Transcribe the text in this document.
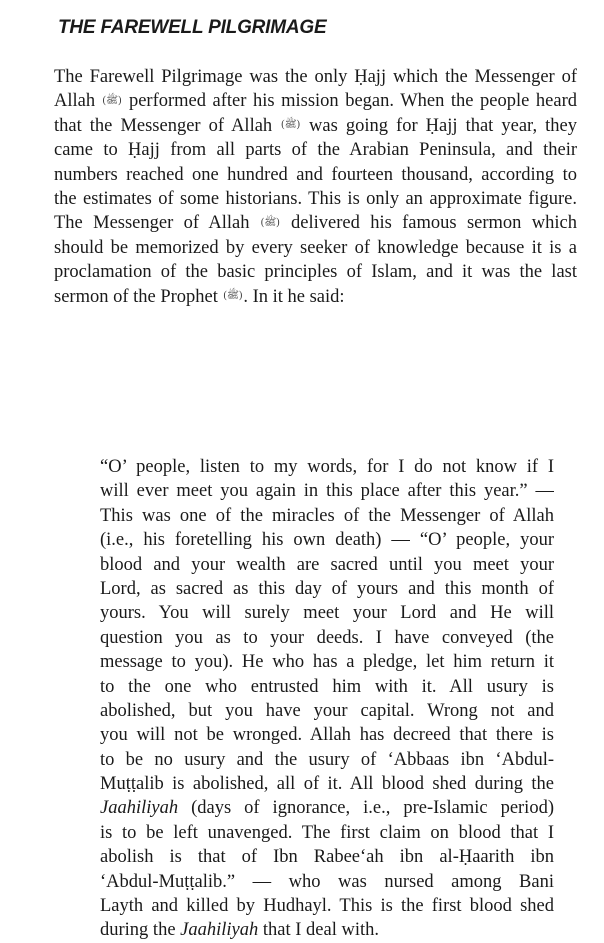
THE FAREWELL PILGRIMAGE
The Farewell Pilgrimage was the only Ḥajj which the Messenger of
Allah (ﷺ) performed after his mission began. When the people heard
that the Messenger of Allah (ﷺ) was going for Ḥajj that year, they
came to Ḥajj from all parts of the Arabian Peninsula, and their
numbers reached one hundred and fourteen thousand, according to
the estimates of some historians. This is only an approximate figure.
The Messenger of Allah (ﷺ) delivered his famous sermon which
should be memorized by every seeker of knowledge because it is a
proclamation of the basic principles of Islam, and it was the last
sermon of the Prophet (ﷺ). In it he said:
“O’ people, listen to my words, for I do not know if I
will ever meet you again in this place after this year.” —
This was one of the miracles of the Messenger of Allah
(i.e., his foretelling his own death) — “O’ people, your
blood and your wealth are sacred until you meet your
Lord, as sacred as this day of yours and this month of
yours. You will surely meet your Lord and He will
question you as to your deeds. I have conveyed (the
message to you). He who has a pledge, let him return it
to the one who entrusted him with it. All usury is
abolished, but you have your capital. Wrong not and
you will not be wronged. Allah has decreed that there is
to be no usury and the usury of ‘Abbaas ibn ‘Abdul-
Muṭṭalib is abolished, all of it. All blood shed during the
Jaahiliyah (days of ignorance, i.e., pre-Islamic period)
is to be left unavenged. The first claim on blood that I
abolish is that of Ibn Rabee‘ah ibn al-Ḥaarith ibn
‘Abdul-Muṭṭalib.” — who was nursed among Bani
Layth and killed by Hudhayl. This is the first blood shed
during the Jaahiliyah that I deal with.
